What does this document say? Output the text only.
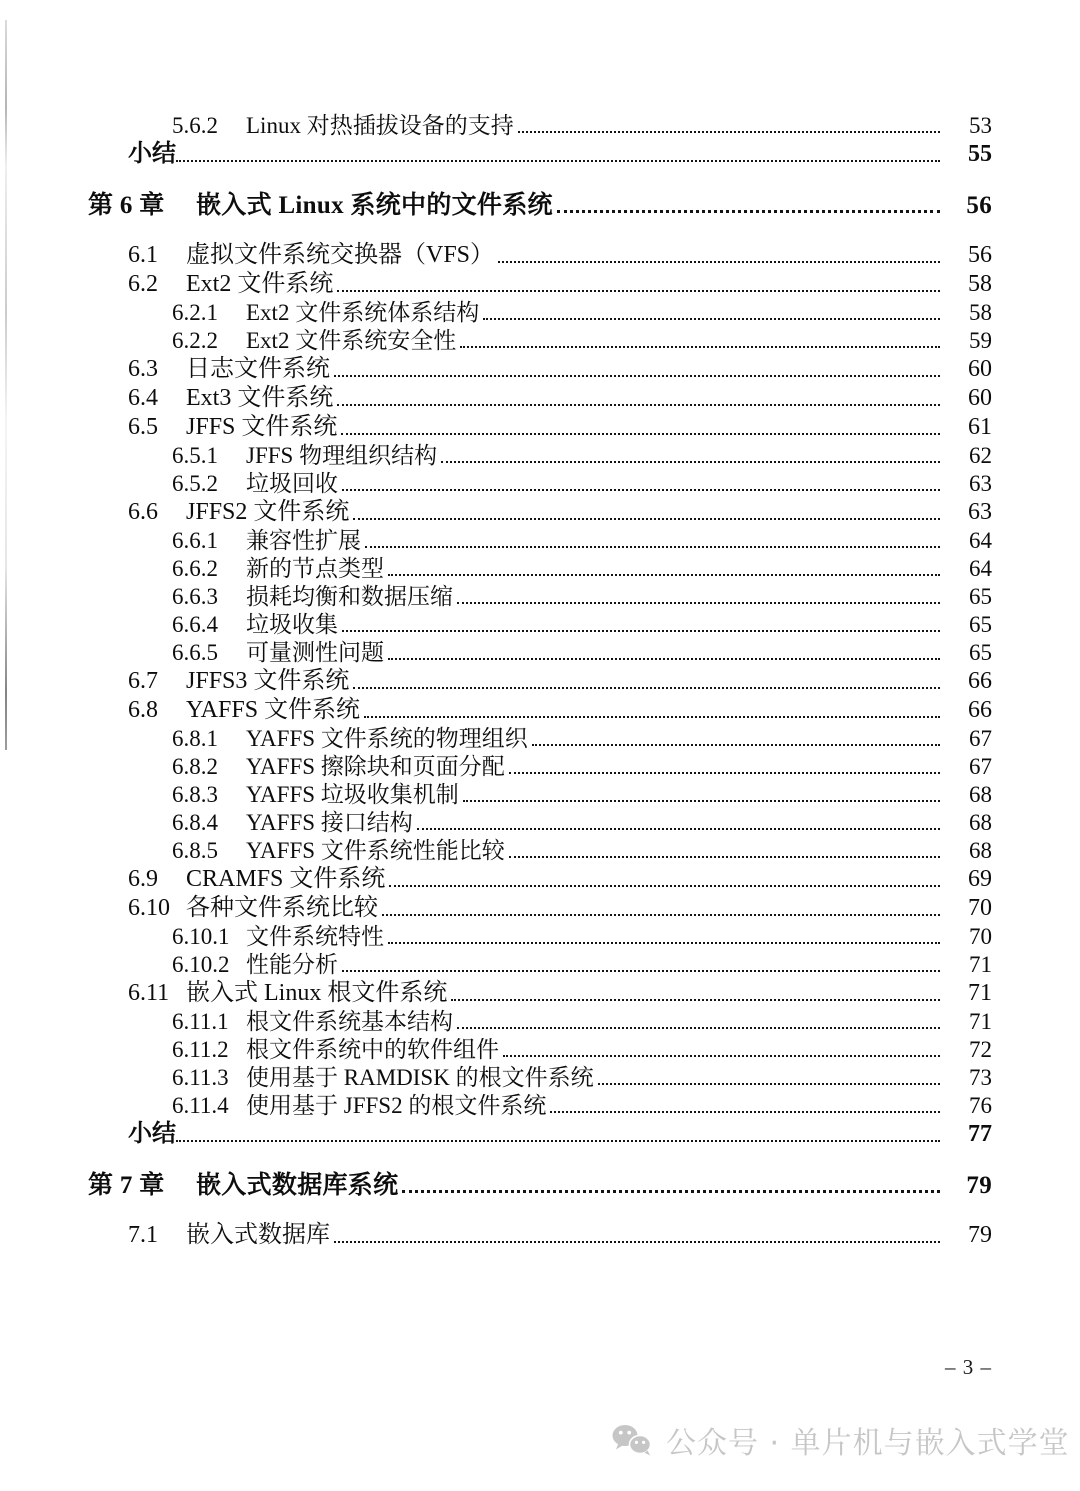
5.6.2	Linux 对热插拔设备的支持	53
小结	55
第 6 章	嵌入式 Linux 系统中的文件系统	56
6.1	虚拟文件系统交换器（VFS）	56
6.2	Ext2 文件系统	58
6.2.1	Ext2 文件系统体系结构	58
6.2.2	Ext2 文件系统安全性	59
6.3	日志文件系统	60
6.4	Ext3 文件系统	60
6.5	JFFS 文件系统	61
6.5.1	JFFS 物理组织结构	62
6.5.2	垃圾回收	63
6.6	JFFS2 文件系统	63
6.6.1	兼容性扩展	64
6.6.2	新的节点类型	64
6.6.3	损耗均衡和数据压缩	65
6.6.4	垃圾收集	65
6.6.5	可量测性问题	65
6.7	JFFS3 文件系统	66
6.8	YAFFS 文件系统	66
6.8.1	YAFFS 文件系统的物理组织	67
6.8.2	YAFFS 擦除块和页面分配	67
6.8.3	YAFFS 垃圾收集机制	68
6.8.4	YAFFS 接口结构	68
6.8.5	YAFFS 文件系统性能比较	68
6.9	CRAMFS 文件系统	69
6.10 各种文件系统比较	70
6.10.1 文件系统特性	70
6.10.2 性能分析	71
6.11 嵌入式 Linux 根文件系统	71
6.11.1 根文件系统基本结构	71
6.11.2 根文件系统中的软件组件	72
6.11.3 使用基于 RAMDISK 的根文件系统	73
6.11.4 使用基于 JFFS2 的根文件系统	76
小结	77
第 7 章	嵌入式数据库系统	79
7.1	嵌入式数据库	79
– 3 –
公众号 · 单片机与嵌入式学堂
